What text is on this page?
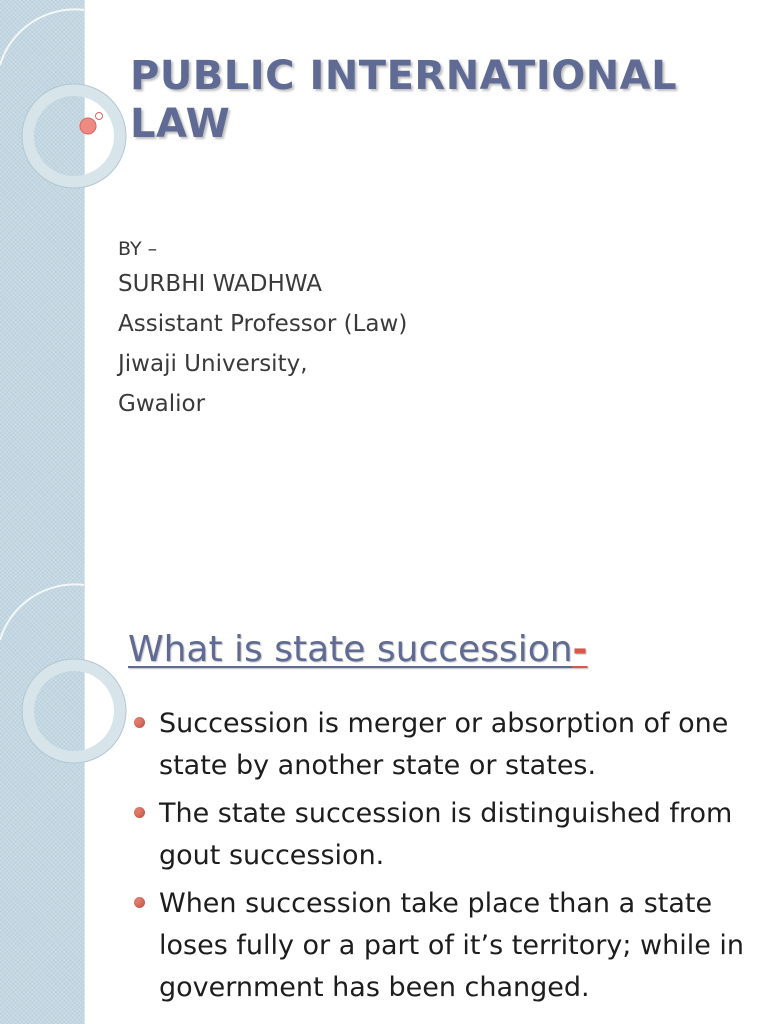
PUBLIC INTERNATIONAL LAW
BY –
SURBHI WADHWA
Assistant Professor (Law)
Jiwaji University,
Gwalior
What is state succession-
Succession is merger or absorption of one state by another state or states.
The state succession is distinguished from gout succession.
When succession take place than a state loses fully or a part of it’s territory; while in government has been changed.
